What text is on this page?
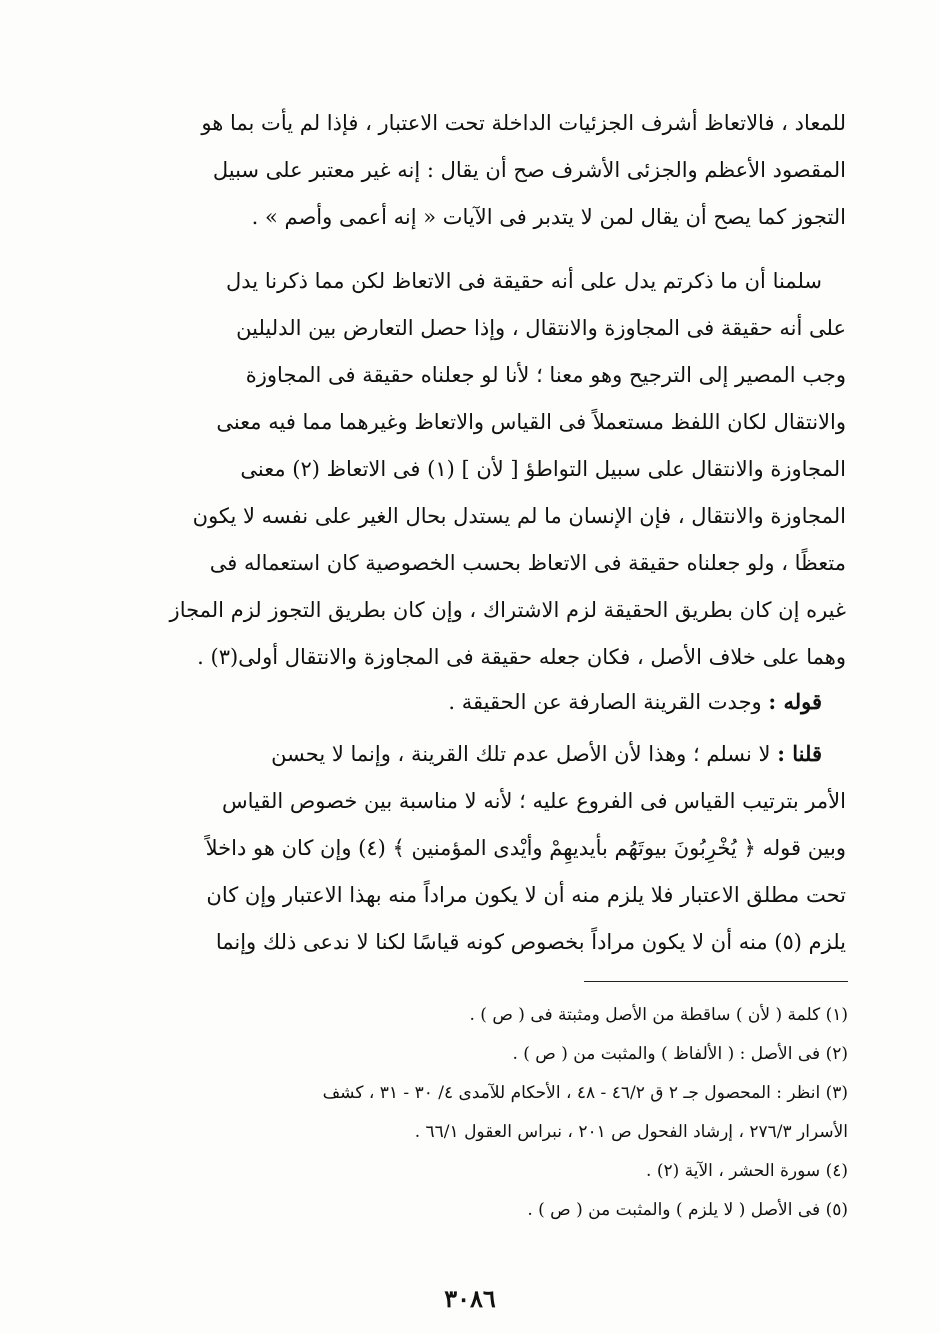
للمعاد ، فالاتعاظ أشرف الجزئيات الداخلة تحت الاعتبار ، فإذا لم يأت بما هو
المقصود الأعظم والجزئى الأشرف صح أن يقال : إنه غير معتبر على سبيل
التجوز كما يصح أن يقال لمن لا يتدبر فى الآيات « إنه أعمى وأصم » .
سلمنا أن ما ذكرتم يدل على أنه حقيقة فى الاتعاظ لكن مما ذكرنا يدل
على أنه حقيقة فى المجاوزة والانتقال ، وإذا حصل التعارض بين الدليلين
وجب المصير إلى الترجيح وهو معنا ؛ لأنا لو جعلناه حقيقة فى المجاوزة
والانتقال لكان اللفظ مستعملاً فى القياس والاتعاظ وغيرهما مما فيه معنى
المجاوزة والانتقال على سبيل التواطؤ [ لأن ] (١) فى الاتعاظ (٢) معنى
المجاوزة والانتقال ، فإن الإنسان ما لم يستدل بحال الغير على نفسه لا يكون
متعظًا ، ولو جعلناه حقيقة فى الاتعاظ بحسب الخصوصية كان استعماله فى
غيره إن كان بطريق الحقيقة لزم الاشتراك ، وإن كان بطريق التجوز لزم المجاز
وهما على خلاف الأصل ، فكان جعله حقيقة فى المجاوزة والانتقال أولى(٣) .
قوله : وجدت القرينة الصارفة عن الحقيقة .
قلنا : لا نسلم ؛ وهذا لأن الأصل عدم تلك القرينة ، وإنما لا يحسن
الأمر بترتيب القياس فى الفروع عليه ؛ لأنه لا مناسبة بين خصوص القياس
وبين قوله ﴿ يُخْرِبُونَ بيوتَهُم بأيديهِمْ وأيْدى المؤمنين ﴾ (٤) وإن كان هو داخلاً
تحت مطلق الاعتبار فلا يلزم منه أن لا يكون مراداً منه بهذا الاعتبار وإن كان
يلزم (٥) منه أن لا يكون مراداً بخصوص كونه قياسًا لكنا لا ندعى ذلك وإنما
(١) كلمة ( لأن ) ساقطة من الأصل ومثبتة فى ( ص ) .
(٢) فى الأصل : ( الألفاظ ) والمثبت من ( ص ) .
(٣) انظر : المحصول جـ ٢ ق ٤٦/٢ - ٤٨ ، الأحكام للآمدى ٤/ ٣٠ - ٣١ ، كشف
الأسرار ٢٧٦/٣ ، إرشاد الفحول ص ٢٠١ ، نبراس العقول ٦٦/١ .
(٤) سورة الحشر ، الآية (٢) .
(٥) فى الأصل ( لا يلزم ) والمثبت من ( ص ) .
٣٠٨٦
